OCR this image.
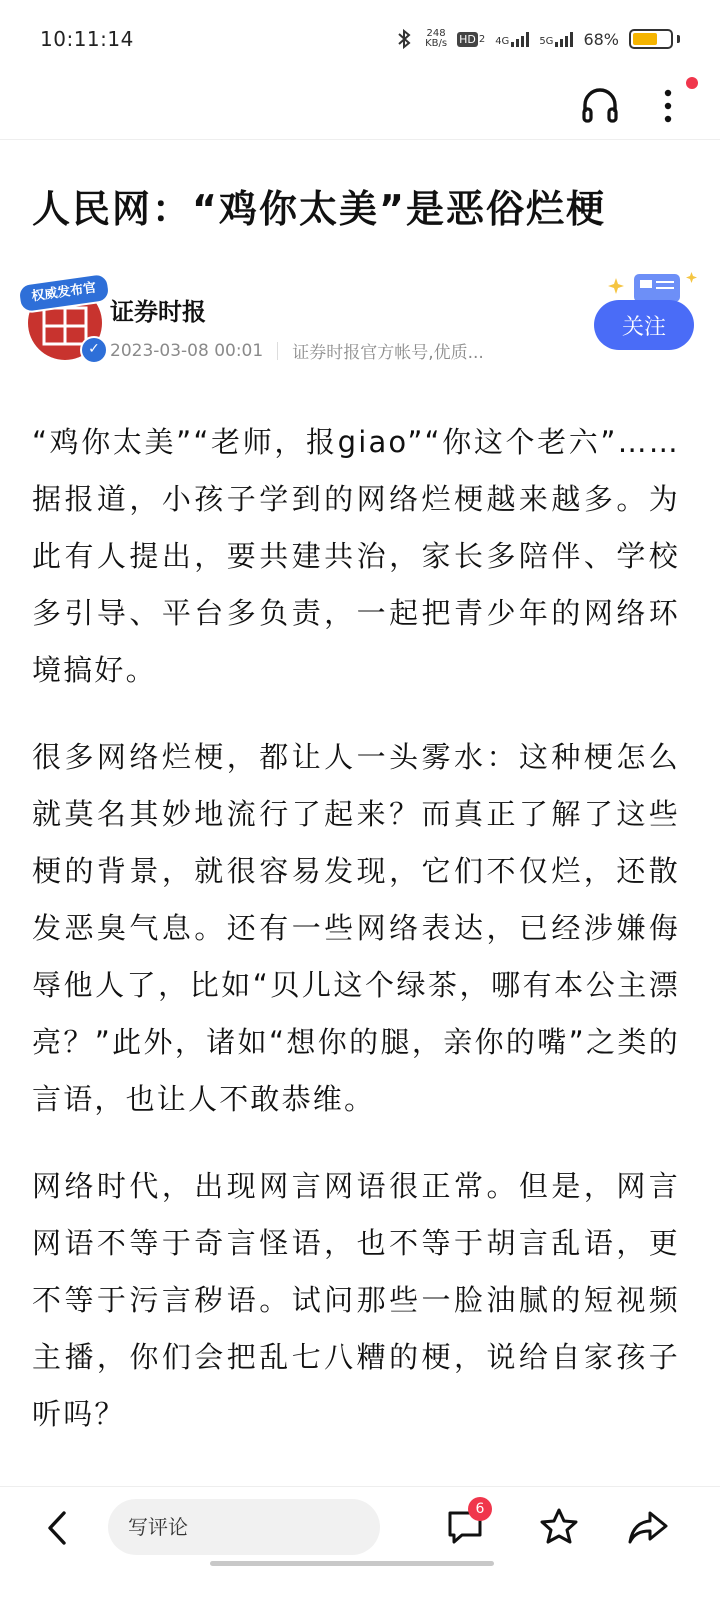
10:11:14	248
KB/s HD 2 4G	5G 68%
人民网：“鸡你太美”是恶俗烂梗
权威发布官
✓
证券时报
2023-03-08 00:01 证券时报官方帐号,优质...
关注

“鸡你太美”“老师，报giao”“你这个老六”……据报道，小孩子学到的网络烂梗越来越多。为此有人提出，要共建共治，家长多陪伴、学校多引导、平台多负责，一起把青少年的网络环境搞好。

很多网络烂梗，都让人一头雾水：这种梗怎么就莫名其妙地流行了起来？而真正了解了这些梗的背景，就很容易发现，它们不仅烂，还散发恶臭气息。还有一些网络表达，已经涉嫌侮辱他人了，比如“贝儿这个绿茶，哪有本公主漂亮？”此外，诸如“想你的腿，亲你的嘴”之类的言语，也让人不敢恭维。

网络时代，出现网言网语很正常。但是，网言网语不等于奇言怪语，也不等于胡言乱语，更不等于污言秽语。试问那些一脸油腻的短视频主播，你们会把乱七八糟的梗，说给自家孩子听吗？

写评论
6
